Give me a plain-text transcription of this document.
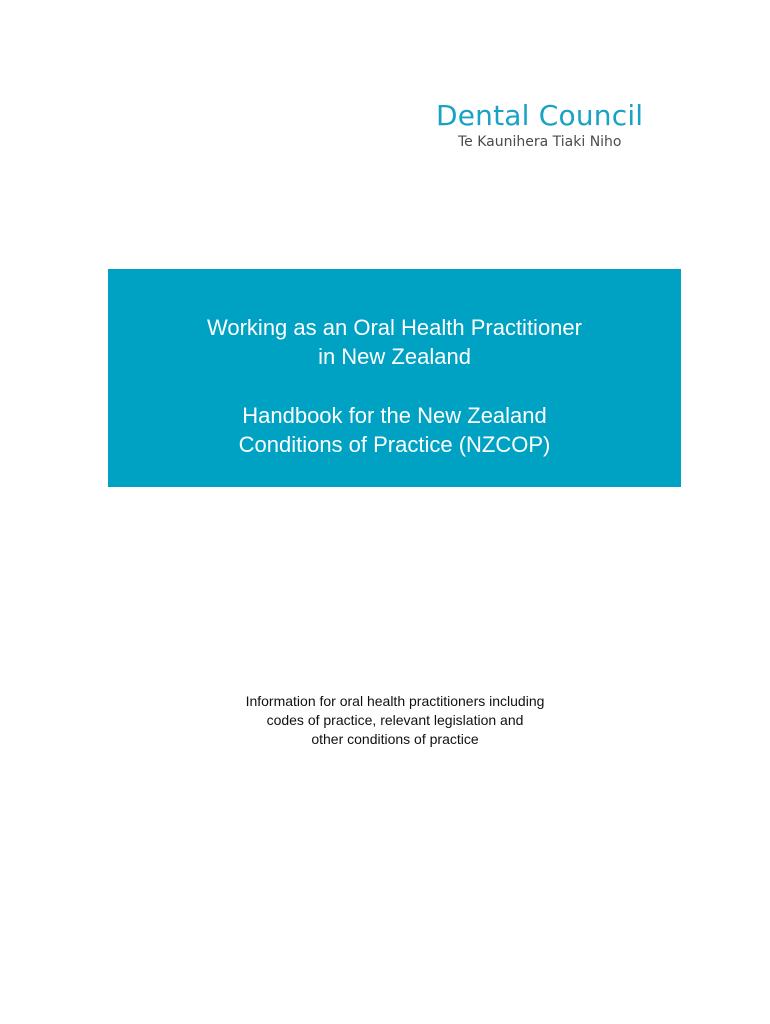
Dental Council
Te Kaunihera Tiaki Niho

Working as an Oral Health Practitioner

in New Zealand

Handbook for the New Zealand

Conditions of Practice (NZCOP)

Information for oral health practitioners including
codes of practice, relevant legislation and
other conditions of practice
